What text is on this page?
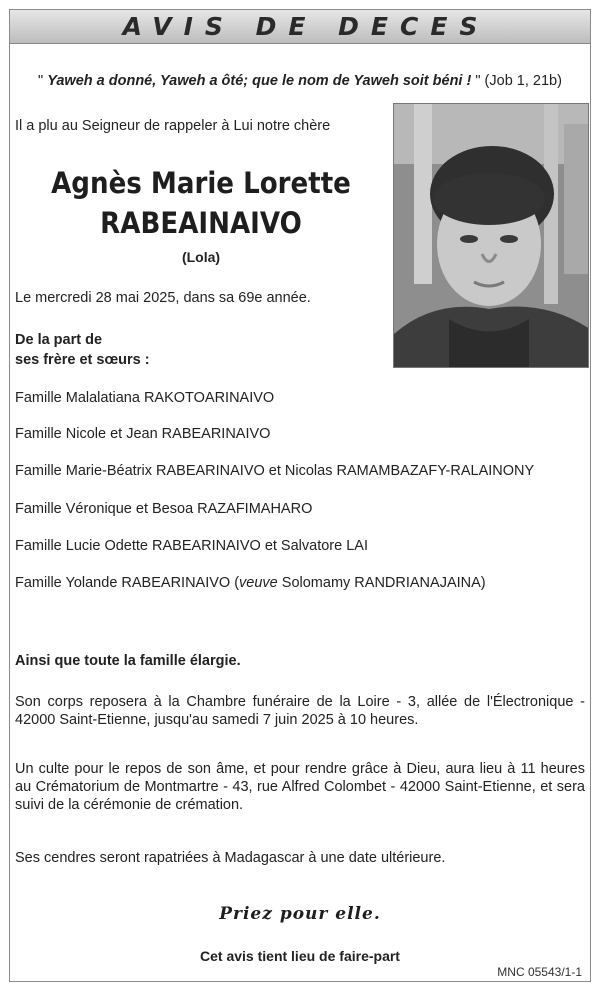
AVIS DE DECES
" Yaweh a donné, Yaweh a ôté; que le nom de Yaweh soit béni ! " (Job 1, 21b)
Il a plu au Seigneur de rappeler à Lui notre chère
Agnès Marie Lorette
RABEAINAIVO
(Lola)
Le mercredi 28 mai 2025, dans sa 69e année.
De la part de
ses frère et sœurs :
Famille Malalatiana RAKOTOARINAIVO
Famille Nicole et Jean RABEARINAIVO
Famille Marie-Béatrix RABEARINAIVO et Nicolas RAMAMBAZAFY-RALAINONY
Famille Véronique et Besoa RAZAFIMAHARO
Famille Lucie Odette RABEARINAIVO et Salvatore LAI
Famille Yolande RABEARINAIVO (veuve Solomamy RANDRIANAJAINA)
Ainsi que toute la famille élargie.
Son corps reposera à la Chambre funéraire de la Loire - 3, allée de l'Électronique - 42000 Saint-Etienne, jusqu'au samedi 7 juin 2025 à 10 heures.
Un culte pour le repos de son âme, et pour rendre grâce à Dieu, aura lieu à 11 heures au Crématorium de Montmartre - 43, rue Alfred Colombet - 42000 Saint-Etienne, et sera suivi de la cérémonie de crémation.
Ses cendres seront rapatriées à Madagascar à une date ultérieure.
Priez pour elle.
Cet avis tient lieu de faire-part
MNC 05543/1-1
